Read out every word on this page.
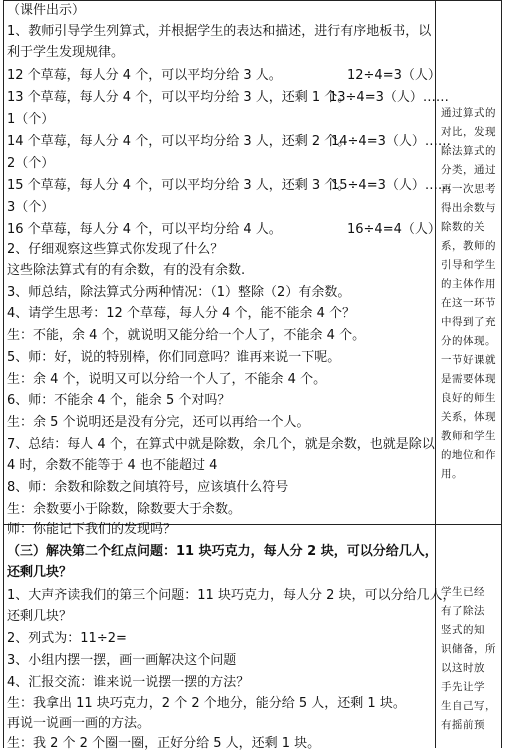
（课件出示）
1、教师引导学生列算式，并根据学生的表达和描述，进行有序地板书，以
利于学生发现规律。
12 个草莓，每人分 4 个，可以平均分给 3 人。	12÷4=3（人）
13 个草莓，每人分 4 个，可以平均分给 3 人，还剩 1 个。
13÷4=3（人）……
1（个）
14 个草莓，每人分 4 个，可以平均分给 3 人，还剩 2 个。
14÷4=3（人）……
2（个）
15 个草莓，每人分 4 个，可以平均分给 3 人，还剩 3 个。
15÷4=3（人）……
3（个）
16 个草莓，每人分 4 个，可以平均分给 4 人。	16÷4=4（人）
2、仔细观察这些算式你发现了什么？
这些除法算式有的有余数，有的没有余数.
3、师总结，除法算式分两种情况：（1）整除（2）有余数。
4、请学生思考：12 个草莓，每人分 4 个，能不能余 4 个？
生：不能，余 4 个，就说明又能分给一个人了，不能余 4 个。
5、师：好，说的特别棒，你们同意吗？谁再来说一下呢。
生：余 4 个，说明又可以分给一个人了，不能余 4 个。
6、师：不能余 4 个，能余 5 个对吗？
生：余 5 个说明还是没有分完，还可以再给一个人。
7、总结：每人 4 个，在算式中就是除数，余几个，就是余数，也就是除以
4 时，余数不能等于 4 也不能超过 4
8、师：余数和除数之间填符号，应该填什么符号
生：余数要小于除数，除数要大于余数。
师：你能记下我们的发现吗？
（三）解决第二个红点问题：11 块巧克力，每人分 2 块，可以分给几人，
还剩几块？
1、大声齐读我们的第三个问题：11 块巧克力，每人分 2 块，可以分给几人，
还剩几块？
2、列式为：11÷2=
3、小组内摆一摆，画一画解决这个问题
4、汇报交流：谁来说一说摆一摆的方法？
生：我拿出 11 块巧克力，2 个 2 个地分，能分给 5 人，还剩 1 块。
再说一说画一画的方法。
生：我 2 个 2 个圈一圈，正好分给 5 人，还剩 1 块。
通过算式的
对比，发现
除法算式的
分类，通过
再一次思考
得出余数与
除数的关
系，教师的
引导和学生
的主体作用
在这一环节
中得到了充
分的体现。
一节好课就
是需要体现
良好的师生
关系，体现
教师和学生
的地位和作
用。
学生已经
有了除法
竖式的知
识储备，所
以这时放
手先让学
生自己写，
有摇前预
